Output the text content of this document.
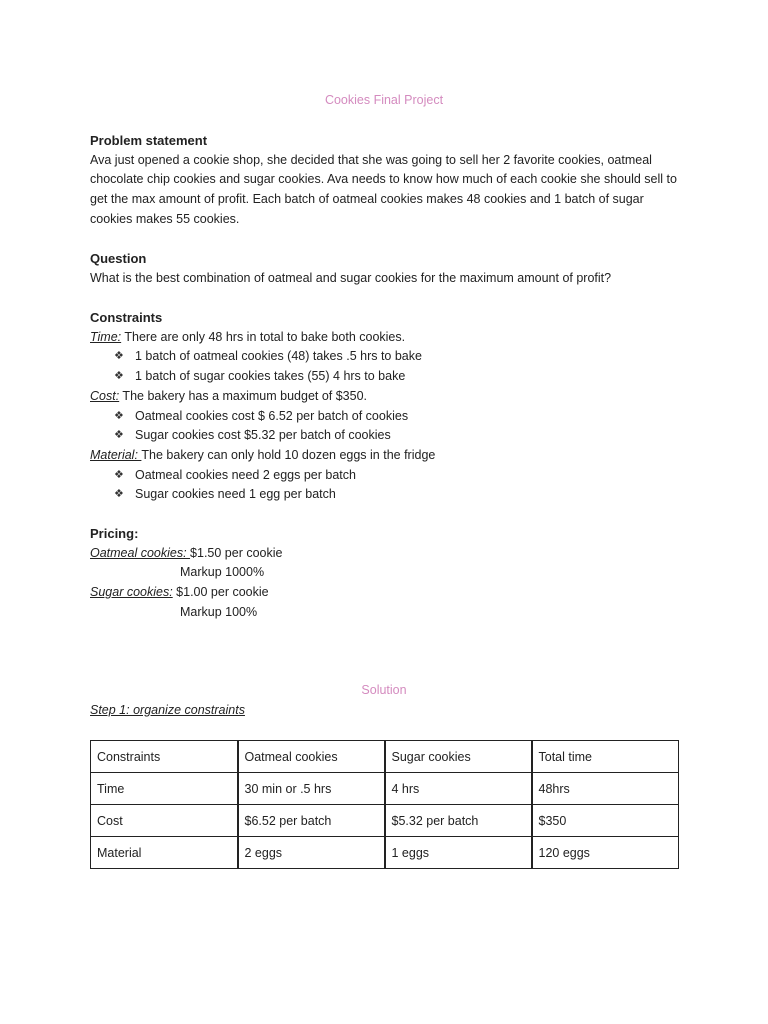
Cookies Final Project

Problem statement

Ava just opened a cookie shop, she decided that she was going to sell her 2 favorite cookies, oatmeal chocolate chip cookies and sugar cookies. Ava needs to know how much of each cookie she should sell to get the max amount of profit. Each batch of oatmeal cookies makes 48 cookies and 1 batch of sugar cookies makes 55 cookies.

Question

What is the best combination of oatmeal and sugar cookies for the maximum amount of profit?

Constraints

Time: There are only 48 hrs in total to bake both cookies.

❖ 1 batch of oatmeal cookies (48) takes .5 hrs to bake
❖ 1 batch of sugar cookies takes (55) 4 hrs to bake

Cost: The bakery has a maximum budget of $350.

❖ Oatmeal cookies cost $ 6.52 per batch of cookies
❖ Sugar cookies cost $5.32 per batch of cookies

Material: The bakery can only hold 10 dozen eggs in the fridge

❖ Oatmeal cookies need 2 eggs per batch
❖ Sugar cookies need 1 egg per batch

Pricing:

Oatmeal cookies: $1.50 per cookie

Markup 1000%

Sugar cookies: $1.00 per cookie

Markup 100%

Solution

Step 1: organize constraints

Constraints	Oatmeal cookies	Sugar cookies	Total time
Time	30 min or .5 hrs	4 hrs	48hrs
Cost	$6.52 per batch	$5.32 per batch	$350
Material	2 eggs	1 eggs	120 eggs
